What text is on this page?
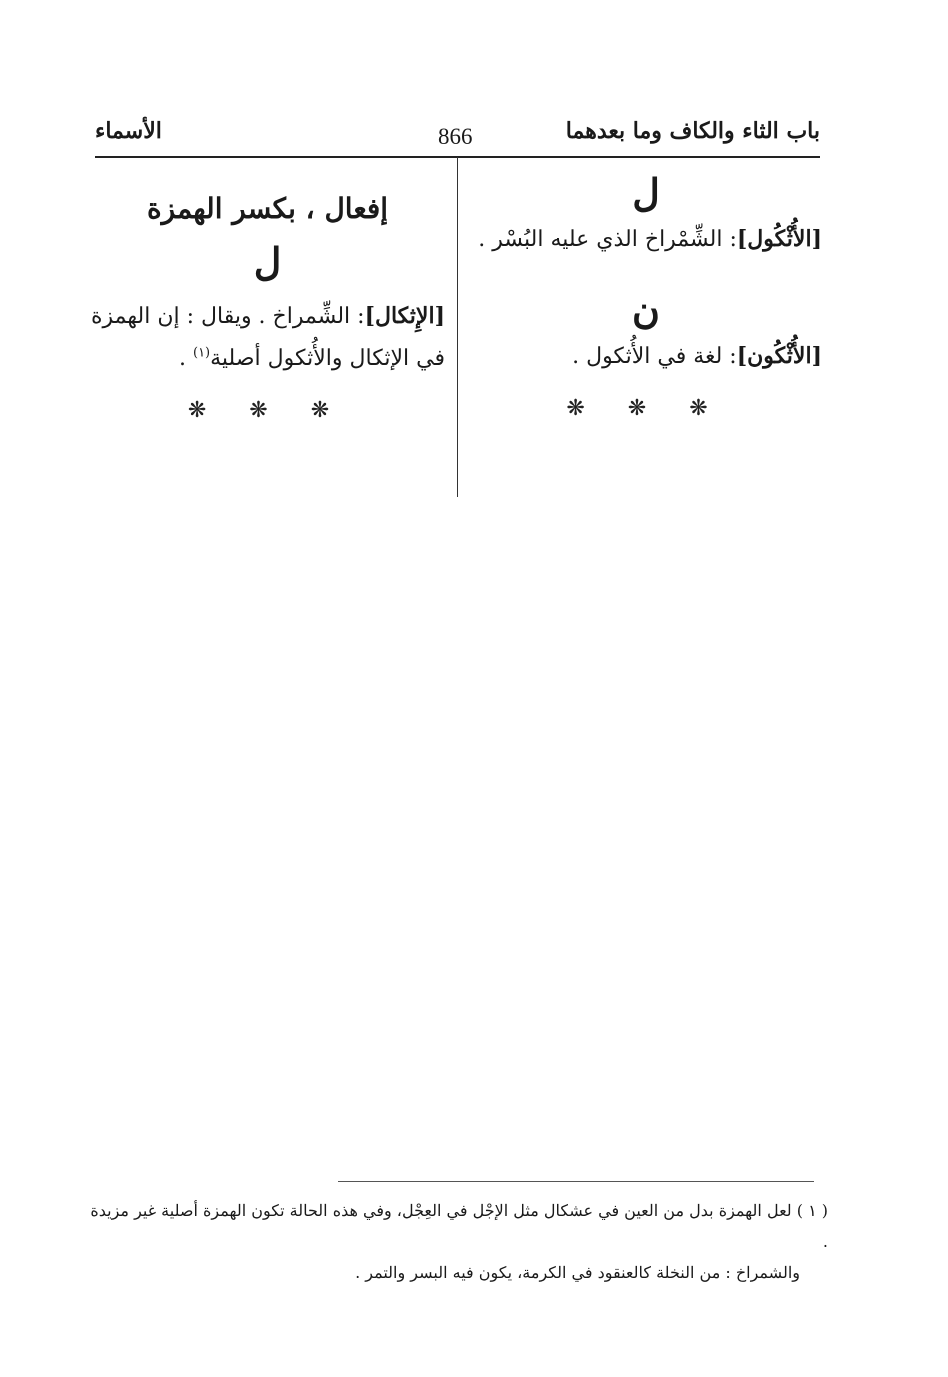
باب الثاء والكاف وما بعدهما
866
الأسماء
ل
[الأُثْكُول]: الشِّمْراخ الذي عليه البُسْر .
ن
[الأُثْكُون]: لغة في الأُثكول .
❋ ❋ ❋
إفعال ، بكسر الهمزة
ل
[الإِثكال]: الشِّمراخ . ويقال : إن الهمزة في الإثكال والأُثكول أصلية$^{(١)}$ .
❋ ❋ ❋
( ١ ) لعل الهمزة بدل من العين في عشكال مثل الإجْل في العِجْل، وفي هذه الحالة تكون الهمزة أصلية غير مزيدة .
والشمراخ : من النخلة كالعنقود في الكرمة، يكون فيه البسر والتمر .
